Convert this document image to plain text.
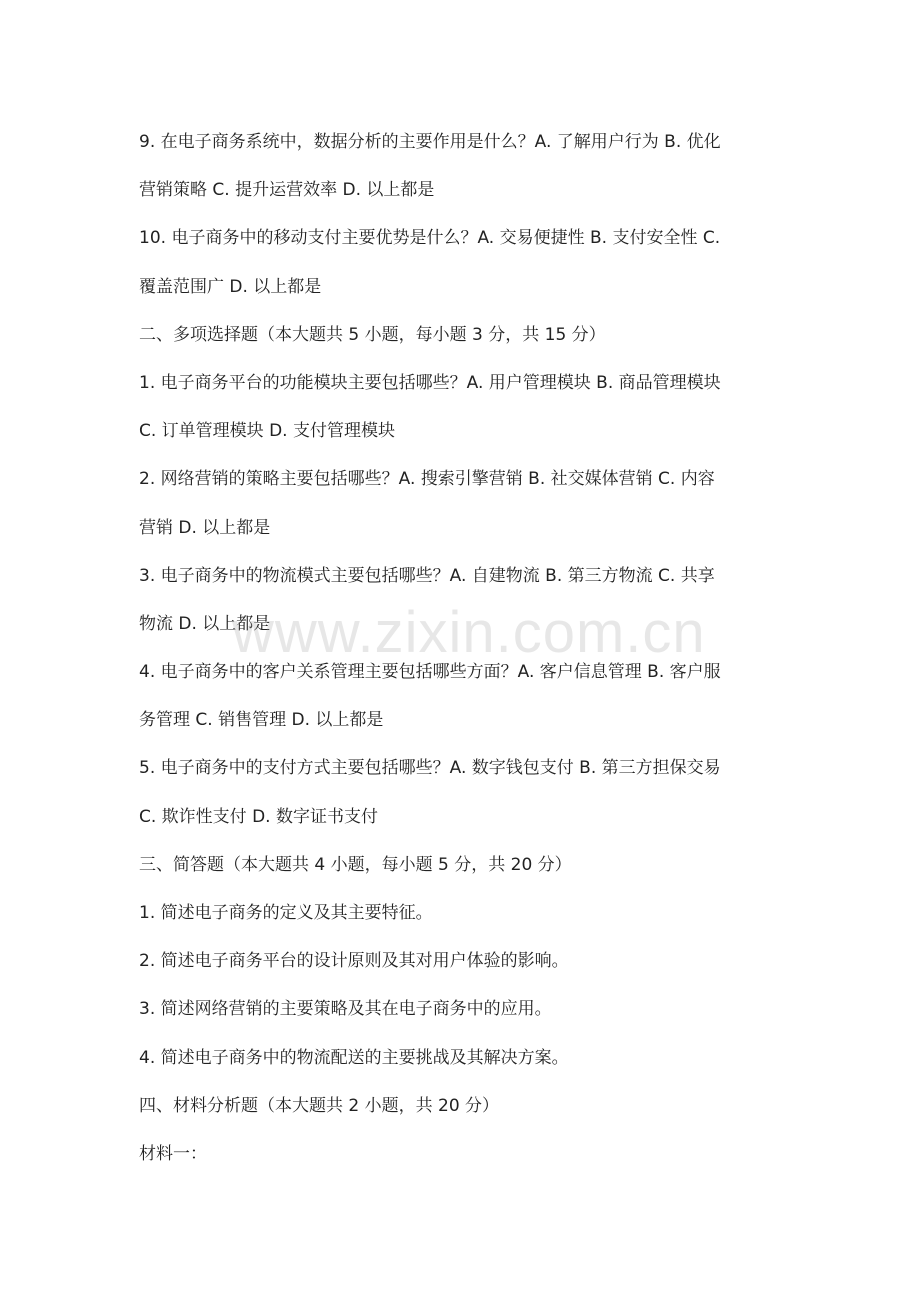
9. 在电子商务系统中，数据分析的主要作用是什么？A. 了解用户行为 B. 优化
营销策略 C. 提升运营效率 D. 以上都是
10. 电子商务中的移动支付主要优势是什么？A. 交易便捷性 B. 支付安全性 C.
覆盖范围广 D. 以上都是
二、多项选择题（本大题共 5 小题，每小题 3 分，共 15 分）
1. 电子商务平台的功能模块主要包括哪些？A. 用户管理模块 B. 商品管理模块
C. 订单管理模块 D. 支付管理模块
2. 网络营销的策略主要包括哪些？A. 搜索引擎营销 B. 社交媒体营销 C. 内容
营销 D. 以上都是
3. 电子商务中的物流模式主要包括哪些？A. 自建物流 B. 第三方物流 C. 共享
物流 D. 以上都是
4. 电子商务中的客户关系管理主要包括哪些方面？A. 客户信息管理 B. 客户服
务管理 C. 销售管理 D. 以上都是
5. 电子商务中的支付方式主要包括哪些？A. 数字钱包支付 B. 第三方担保交易
C. 欺诈性支付 D. 数字证书支付
三、简答题（本大题共 4 小题，每小题 5 分，共 20 分）
1. 简述电子商务的定义及其主要特征。
2. 简述电子商务平台的设计原则及其对用户体验的影响。
3. 简述网络营销的主要策略及其在电子商务中的应用。
4. 简述电子商务中的物流配送的主要挑战及其解决方案。
四、材料分析题（本大题共 2 小题，共 20 分）
材料一：
www.zixin.com.cn
